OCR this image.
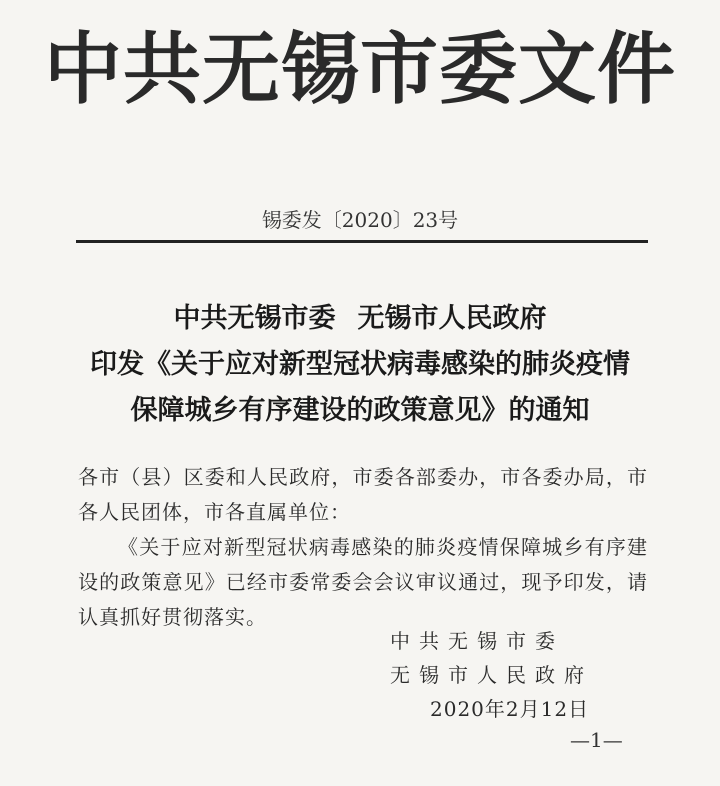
中共无锡市委文件
锡委发〔2020〕23号
中共无锡市委 无锡市人民政府
印发《关于应对新型冠状病毒感染的肺炎疫情
保障城乡有序建设的政策意见》的通知

各市（县）区委和人民政府，市委各部委办，市各委办局，市各人民团体，市各直属单位：

《关于应对新型冠状病毒感染的肺炎疫情保障城乡有序建设的政策意见》已经市委常委会会议审议通过，现予印发，请认真抓好贯彻落实。

中共无锡市委
无锡市人民政府
2020年2月12日
—1—
